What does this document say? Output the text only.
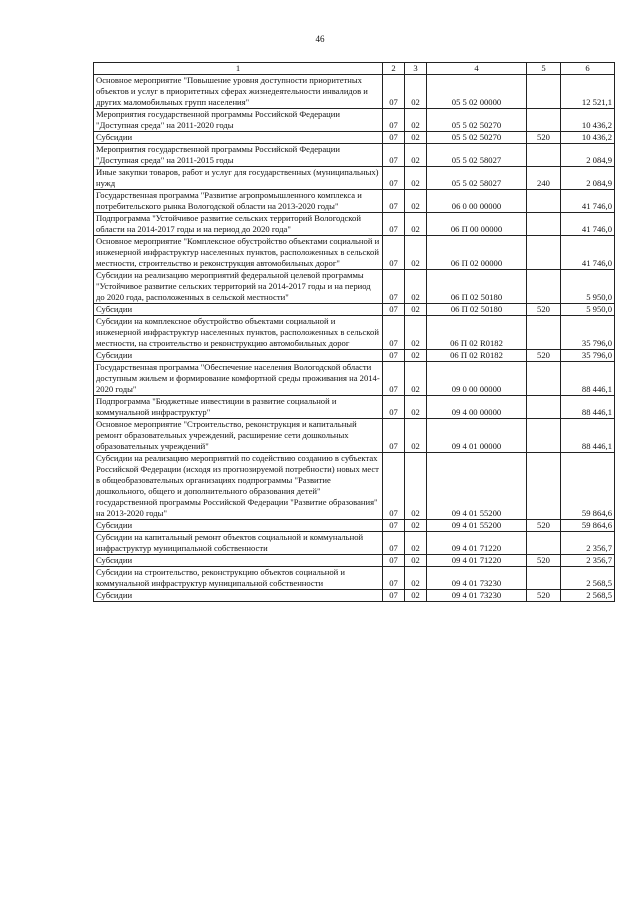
46
1	2	3	4	5	6
Основное мероприятие "Повышение уровня доступности приоритетных объектов и услуг в приоритетных сферах жизнедеятельности инвалидов и других маломобильных групп населения"	07	02	05 5 02 00000		12 521,1
Мероприятия государственной программы Российской Федерации "Доступная среда" на 2011-2020 годы	07	02	05 5 02 50270		10 436,2
Субсидии	07	02	05 5 02 50270	520	10 436,2
Мероприятия государственной программы Российской Федерации "Доступная среда" на 2011-2015 годы	07	02	05 5 02 58027		2 084,9
Иные закупки товаров, работ и услуг для государственных (муниципальных) нужд	07	02	05 5 02 58027	240	2 084,9
Государственная программа "Развитие агропромышленного комплекса и потребительского рынка Вологодской области на 2013-2020 годы"	07	02	06 0 00 00000		41 746,0
Подпрограмма "Устойчивое развитие сельских территорий Вологодской области на 2014-2017 годы и на период до 2020 года"	07	02	06 П 00 00000		41 746,0
Основное мероприятие "Комплексное обустройство объектами социальной и инженерной инфраструктур населенных пунктов, расположенных в сельской местности, строительство и реконструкция автомобильных дорог"	07	02	06 П 02 00000		41 746,0
Субсидии на реализацию мероприятий федеральной целевой программы "Устойчивое развитие сельских территорий на 2014-2017 годы и на период до 2020 года, расположенных в сельской местности"	07	02	06 П 02 50180		5 950,0
Субсидии	07	02	06 П 02 50180	520	5 950,0
Субсидии на комплексное обустройство объектами социальной и инженерной инфраструктур населенных пунктов, расположенных в сельской местности, на строительство и реконструкцию автомобильных дорог	07	02	06 П 02 R0182		35 796,0
Субсидии	07	02	06 П 02 R0182	520	35 796,0
Государственная программа "Обеспечение населения Вологодской области доступным жильем и формирование комфортной среды проживания на 2014-2020 годы"	07	02	09 0 00 00000		88 446,1
Подпрограмма "Бюджетные инвестиции в развитие социальной и коммунальной инфраструктур"	07	02	09 4 00 00000		88 446,1
Основное мероприятие "Строительство, реконструкция и капитальный ремонт образовательных учреждений, расширение сети дошкольных образовательных учреждений"	07	02	09 4 01 00000		88 446,1
Субсидии на реализацию мероприятий по содействию созданию в субъектах Российской Федерации (исходя из прогнозируемой потребности) новых мест в общеобразовательных организациях подпрограммы "Развитие дошкольного, общего и дополнительного образования детей" государственной программы Российской Федерации "Развитие образования" на 2013-2020 годы"	07	02	09 4 01 55200		59 864,6
Субсидии	07	02	09 4 01 55200	520	59 864,6
Субсидии на капитальный ремонт объектов социальной и коммунальной инфраструктур муниципальной собственности	07	02	09 4 01 71220		2 356,7
Субсидии	07	02	09 4 01 71220	520	2 356,7
Субсидии на строительство, реконструкцию объектов социальной и коммунальной инфраструктур муниципальной собственности	07	02	09 4 01 73230		2 568,5
Субсидии	07	02	09 4 01 73230	520	2 568,5
